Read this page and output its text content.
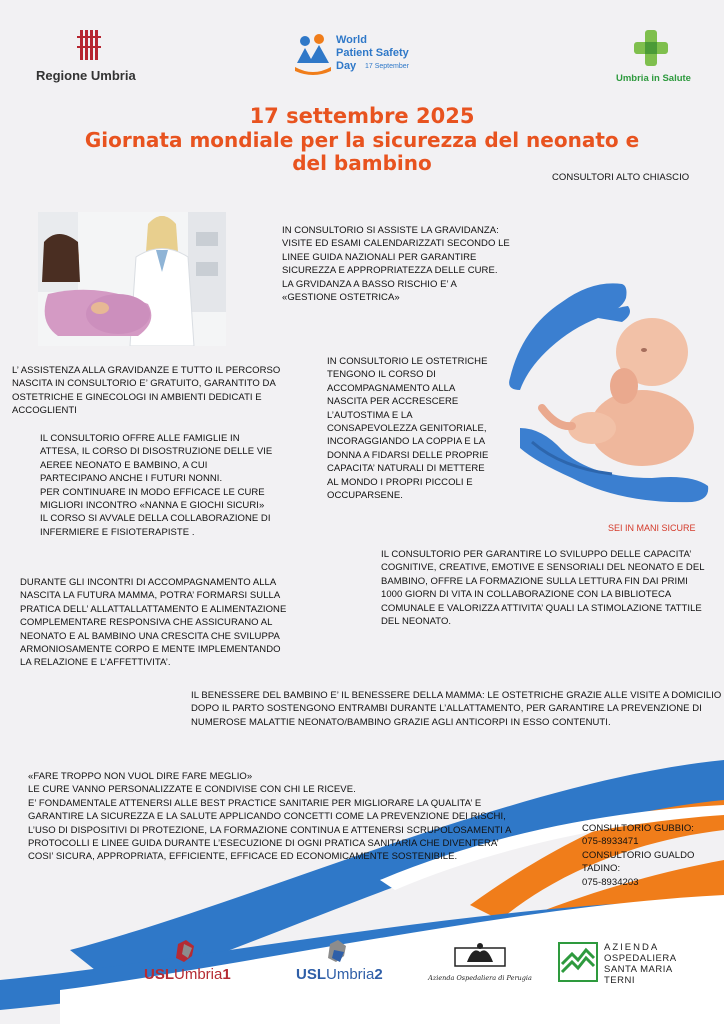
Regione Umbria
World
Patient Safety
Day 17 September
Umbria in Salute
17 settembre 2025
Giornata mondiale per la sicurezza del neonato e
del bambino
CONSULTORI ALTO CHIASCIO
IN CONSULTORIO SI ASSISTE LA GRAVIDANZA:
VISITE ED ESAMI CALENDARIZZATI SECONDO LE
LINEE GUIDA NAZIONALI PER GARANTIRE
SICUREZZA E APPROPRIATEZZA DELLE CURE.
LA GRVIDANZA A BASSO RISCHIO E’ A
«GESTIONE OSTETRICA»
SEI IN MANI SICURE
L’ ASSISTENZA ALLA GRAVIDANZE E TUTTO IL PERCORSO
NASCITA IN CONSULTORIO E’ GRATUITO, GARANTITO DA
OSTETRICHE E GINECOLOGI IN AMBIENTI DEDICATI E
ACCOGLIENTI
IN CONSULTORIO LE OSTETRICHE
TENGONO IL CORSO DI
ACCOMPAGNAMENTO ALLA
NASCITA PER ACCRESCERE
L’AUTOSTIMA E LA
CONSAPEVOLEZZA GENITORIALE,
INCORAGGIANDO LA COPPIA E LA
DONNA A FIDARSI DELLE PROPRIE
CAPACITA’ NATURALI DI METTERE
AL MONDO I PROPRI PICCOLI E
OCCUPARSENE.
IL CONSULTORIO OFFRE ALLE FAMIGLIE IN
ATTESA, IL CORSO DI DISOSTRUZIONE DELLE VIE
AEREE NEONATO E BAMBINO, A CUI
PARTECIPANO ANCHE I FUTURI NONNI.
PER CONTINUARE IN MODO EFFICACE LE CURE
MIGLIORI INCONTRO «NANNA E GIOCHI SICURI»
IL CORSO SI AVVALE DELLA COLLABORAZIONE DI
INFERMIERE E FISIOTERAPISTE .
IL CONSULTORIO PER GARANTIRE LO SVILUPPO DELLE CAPACITA’
COGNITIVE, CREATIVE, EMOTIVE E SENSORIALI DEL NEONATO E DEL
BAMBINO, OFFRE LA FORMAZIONE SULLA LETTURA FIN DAI PRIMI
1000 GIORN DI VITA IN COLLABORAZIONE CON LA BIBLIOTECA
COMUNALE E VALORIZZA ATTIVITA’ QUALI LA STIMOLAZIONE TATTILE
DEL NEONATO.
DURANTE GLI INCONTRI DI ACCOMPAGNAMENTO ALLA
NASCITA LA FUTURA MAMMA, POTRA’ FORMARSI SULLA
PRATICA DELL’ ALLATTALLATTAMENTO E ALIMENTAZIONE
COMPLEMENTARE RESPONSIVA CHE ASSICURANO AL
NEONATO E AL BAMBINO UNA CRESCITA CHE SVILUPPA
ARMONIOSAMENTE CORPO E MENTE IMPLEMENTANDO
LA RELAZIONE E L’AFFETTIVITA’.
IL BENESSERE DEL BAMBINO E’ IL BENESSERE DELLA MAMMA: LE OSTETRICHE GRAZIE ALLE VISITE A DOMICILIO
DOPO IL PARTO SOSTENGONO ENTRAMBI DURANTE L’ALLATTAMENTO, PER GARANTIRE LA PREVENZIONE DI
NUMEROSE MALATTIE NEONATO/BAMBINO GRAZIE AGLI ANTICORPI IN ESSO CONTENUTI.
«FARE TROPPO NON VUOL DIRE FARE MEGLIO»
LE CURE VANNO PERSONALIZZATE E CONDIVISE CON CHI LE RICEVE.
E’ FONDAMENTALE ATTENERSI ALLE BEST PRACTICE SANITARIE PER MIGLIORARE LA QUALITA’ E
GARANTIRE LA SICUREZZA E LA SALUTE APPLICANDO CONCETTI COME LA PREVENZIONE DEI RISCHI,
L’USO DI DISPOSITIVI DI PROTEZIONE, LA FORMAZIONE CONTINUA E ATTENERSI SCRUPOLOSAMENTI A
PROTOCOLLI E LINEE GUIDA DURANTE L’ESECUZIONE DI OGNI PRATICA SANITARIA CHE DIVENTERA’
COSI’ SICURA, APPROPRIATA, EFFICIENTE, EFFICACE ED ECONOMICAMENTE SOSTENIBILE.
CONSULTORIO GUBBIO:
075-8933471
CONSULTORIO GUALDO
TADINO:
075-8934203
USLUmbria1	USLUmbria2	Azienda Ospedaliera di Perugia
AZIENDA
OSPEDALIERA
SANTA MARIA
TERNI
